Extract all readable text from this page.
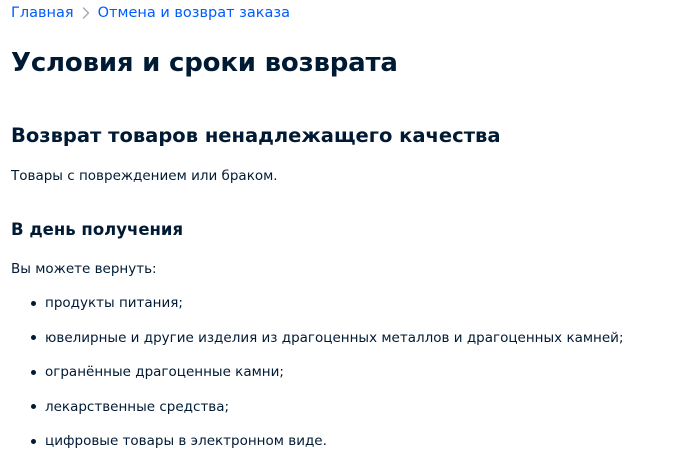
Главная Отмена и возврат заказа
Условия и сроки возврата
Возврат товаров ненадлежащего качества

Товары с повреждением или браком.

В день получения

Вы можете вернуть:

продукты питания;
ювелирные и другие изделия из драгоценных металлов и драгоценных камней;
огранённые драгоценные камни;
лекарственные средства;
цифровые товары в электронном виде.
